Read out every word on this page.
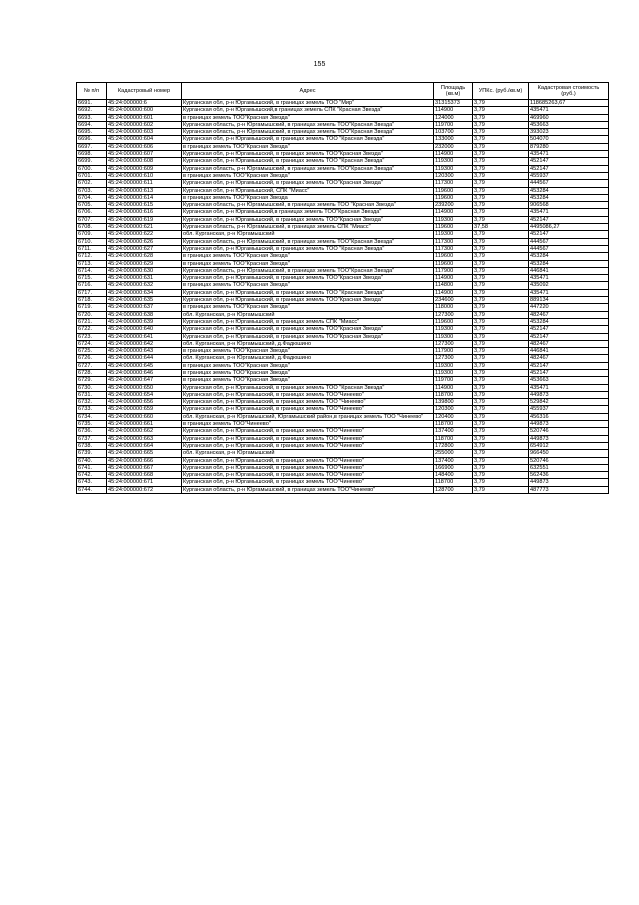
155
№ п/п	Кадастровый номер	Адрес	Площадь (кв.м)	УПКс. (руб./кв.м)	Кадастровая стоимость (руб.)
6691.	45:24:000000:6	Курганская обл, р-н Юргамышский, в границах земель ТОО "Мир"	31315373	3,79	118685263,67
6692.	45:24:000000:600	Курганская обл, р-н Юргамышский,в границах земель СПК "Красная Звезда"	114900	3,79	435471
6693.	45:24:000000:601	в границах земель ТОО"Красная Звезда"	124000	3,79	469960
6694.	45:24:000000:602	Курганская область, р-н Юргамышский, в границах земель ТОО"Красная Звезда"	119700	3,79	453663
6695.	45:24:000000:603	Курганская область, р-н Юргамышский, в границах земель ТОО"Красная Звезда"	103700	3,79	393023
6696.	45:24:000000:604	Курганская обл, р-н Юргамышский, в границах земель ТОО "Красная Звезда"	133000	3,79	504070
6697.	45:24:000000:606	в границах земель ТОО"Красная Звезда"	232000	3,79	879280
6698.	45:24:000000:607	Курганская обл, р-н Юргамышский, в границах земель ТОО"Красная Звезда"	114900	3,79	435471
6699.	45:24:000000:608	Курганская обл, р-н Юргамышский, в границах земель ТОО "Красная Звезда"	119300	3,79	452147
6700.	45:24:000000:609	Курганская область, р-н Юргамышский, в границах земель ТОО"Красная Звезда"	119300	3,79	452147
6701.	45:24:000000:610	в границах земель ТОО"Красная Звезда"	120300	3,79	455937
6702.	45:24:000000:611	Курганская обл, р-н Юргамышский, в границах земель ТОО"Красная Звезда"	117300	3,79	444567
6703.	45:24:000000:613	Курганская обл, р-н Юргамышский, СПК "Миасс"	119600	3,79	453284
6704.	45:24:000000:614	в границах земель ТОО"Красная Звезда	119600	3,79	453284
6705.	45:24:000000:615	Курганская область, р-н Юргамышский, в границах земель ТОО "Красная Звезда"	239200	3,79	906568
6706.	45:24:000000:616	Курганская обл, р-н Юргамышский,в границах земель ТОО"Красная Звезда"	114900	3,79	435471
6707.	45:24:000000:619	Курганская обл, р-н Юргамышский, в границах земель ТОО"Красная Звезда"	119300	3,79	452147
6708.	45:24:000000:621	Курганская область, р-н Юргамышский, в границах земель СПК "Миасс"	119600	37,58	4495086,27
6709.	45:24:000000:622	обл. Курганская, р-н Юргамышский	119300	3,79	452147
6710.	45:24:000000:626	Курганская область, р-н Юргамышский, в границах земель ТОО"Красная Звезда"	117300	3,79	444567
6711.	45:24:000000:627	Курганская обл, р-н Юргамышский, в границах земель ТОО "Красная Звезда"	117300	3,79	444567
6712.	45:24:000000:628	в границах земель ТОО"Красная Звезда"	119600	3,79	453284
6713.	45:24:000000:629	в границах земель ТОО"Красная Звезда"	119600	3,79	453284
6714.	45:24:000000:630	Курганская область, р-н Юргамышский, в границах земель ТОО"Красная Звезда"	117900	3,79	446841
6715.	45:24:000000:631	Курганская обл, р-н Юргамышский, в границах земель ТОО"Красная Звезда"	114900	3,79	435471
6716.	45:24:000000:632	в границах земель ТОО"Красная Звезда"	114800	3,79	435092
6717.	45:24:000000:634	Курганская обл, р-н Юргамышский, в границах земель ТОО "Красная Звезда"	114900	3,79	435471
6718.	45:24:000000:635	Курганская обл, р-н Юргамышский, в границах земель ТОО"Красная Звезда"	234600	3,79	889134
6719.	45:24:000000:637	в границах земель ТОО"Красная Звезда"	118000	3,79	447220
6720.	45:24:000000:638	обл. Курганская, р-н Юргамышский	127300	3,79	482467
6721.	45:24:000000:639	Курганская обл, р-н Юргамышский, в границах земель СПК "Миасс"	119600	3,79	453284
6722.	45:24:000000:640	Курганская обл, р-н Юргамышский, в границах земель ТОО"Красная Звезда"	119300	3,79	452147
6723.	45:24:000000:641	Курганская обл, р-н Юргамышский, в границах земель ТОО"Красная Звезда"	119300	3,79	452147
6724.	45:24:000000:642	обл. Курганская, р-н Юргамышский, д.Фадюшино	127300	3,79	482467
6725.	45:24:000000:643	в границах земель ТОО"Красная Звезда"	117900	3,79	446841
6726.	45:24:000000:644	обл. Курганская, р-н Юргамышский, д.Фадюшино	127300	3,79	482467
6727.	45:24:000000:645	в границах земель ТОО"Красная Звезда"	119300	3,79	452147
6728.	45:24:000000:646	в границах земель ТОО"Красная Звезда"	119300	3,79	452147
6729.	45:24:000000:647	в границах земель ТОО"Красная Звезда"	119700	3,79	453663
6730.	45:24:000000:650	Курганская обл, р-н Юргамышский, в границах земель ТОО "Красная Звезда"	114900	3,79	435471
6731.	45:24:000000:654	Курганская обл, р-н Юргамышский, в границах земель ТОО"Чинеево"	118700	3,79	449873
6732.	45:24:000000:656	Курганская обл, р-н Юргамышский, в границах земель ТОО "Чинеево"	139800	3,79	529842
6733.	45:24:000000:659	Курганская обл, р-н Юргамышский, в границах земель ТОО"Чинеево"	120300	3,79	455937
6734.	45:24:000000:660	обл. Курганская, р-н Юргамышский, Юргамышский район,в границах земель ТОО "Чинеево"	120400	3,79	456316
6735.	45:24:000000:661	в границах земель ТОО"Чинеево"	118700	3,79	449873
6736.	45:24:000000:662	Курганская обл, р-н Юргамышский, в границах земель ТОО"Чинеево"	137400	3,79	520746
6737.	45:24:000000:663	Курганская обл, р-н Юргамышский, в границах земель ТОО"Чинеево"	118700	3,79	449873
6738.	45:24:000000:664	Курганская обл, р-н Юргамышский, в границах земель ТОО"Чинеево"	172800	3,79	654912
6739.	45:24:000000:665	обл. Курганская, р-н Юргамышский	255000	3,79	966450
6740.	45:24:000000:666	Курганская обл, р-н Юргамышский, в границах земель ТОО"Чинеево"	137400	3,79	520746
6741.	45:24:000000:667	Курганская обл, р-н Юргамышский, в границах земель ТОО"Чинеево"	166900	3,79	632551
6742.	45:24:000000:668	Курганская обл, р-н Юргамышский, в границах земель ТОО"Чинеево"	148400	3,79	562436
6743.	45:24:000000:671	Курганская обл, р-н Юргамышский, в границах земель ТОО"Чинеево"	118700	3,79	449873
6744.	45:24:000000:672	Курганская область, р-н Юргамышский, в границах земель ТОО"Чинеево"	128700	3,79	487773
